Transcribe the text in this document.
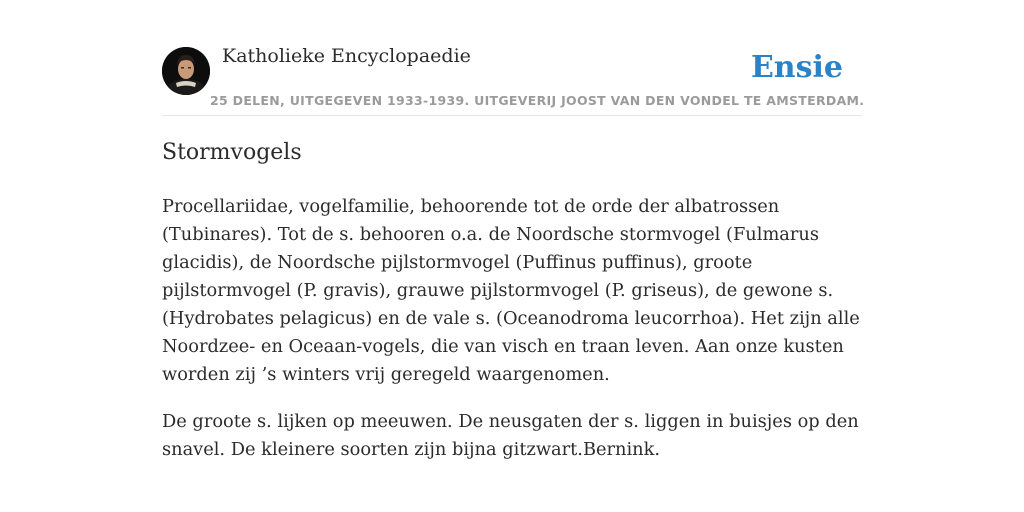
Katholieke Encyclopaedie	Ensie
25 DELEN, UITGEGEVEN 1933-1939. UITGEVERIJ JOOST VAN DEN VONDEL TE AMSTERDAM.
Stormvogels

Procellariidae, vogelfamilie, behoorende tot de orde der albatrossen (Tubinares). Tot de s. behooren o.a. de Noordsche stormvogel (Fulmarus glacidis), de Noordsche pijlstormvogel (Puffinus puffinus), groote pijlstormvogel (P. gravis), grauwe pijlstormvogel (P. griseus), de gewone s. (Hydrobates pelagicus) en de vale s. (Oceanodroma leucorrhoa). Het zijn alle Noordzee- en Oceaan-vogels, die van visch en traan leven. Aan onze kusten worden zij ’s winters vrij geregeld waargenomen.

De groote s. lijken op meeuwen. De neusgaten der s. liggen in buisjes op den snavel. De kleinere soorten zijn bijna gitzwart.Bernink.
